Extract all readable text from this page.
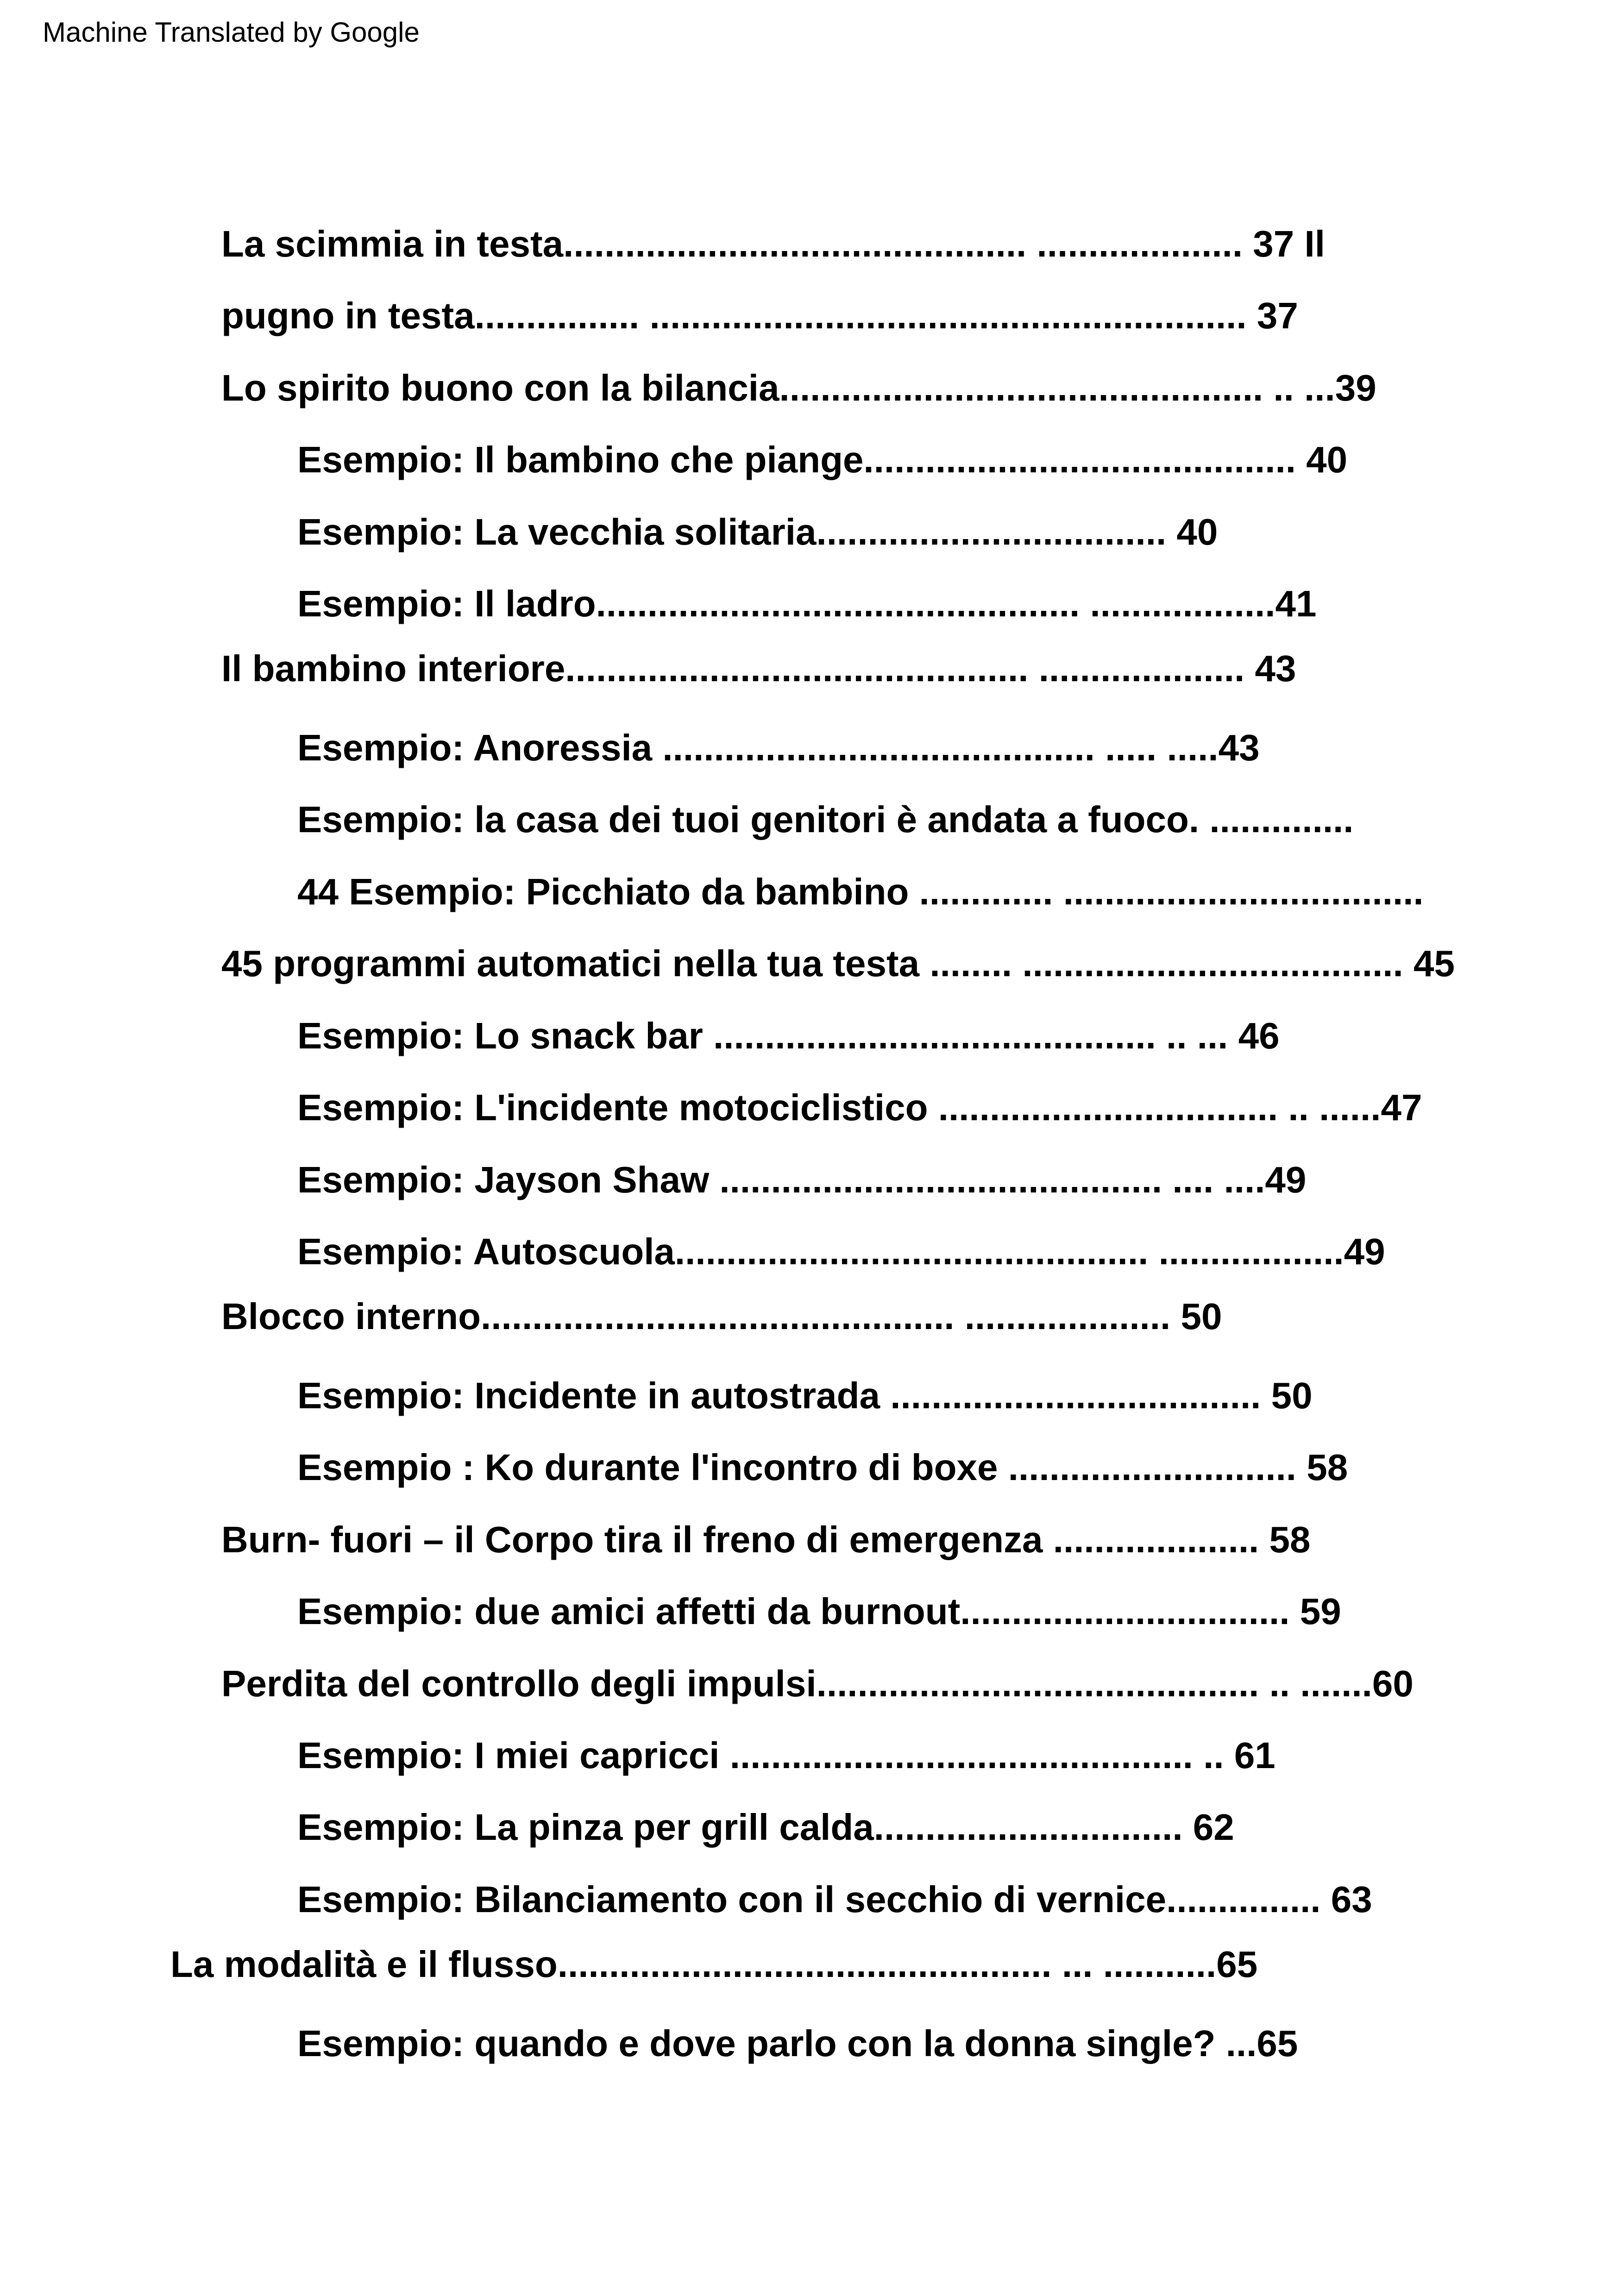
Machine Translated by Google
La scimmia in testa............................................. .................... 37 Il
pugno in testa................ .......................................................... 37
Lo spirito buono con la bilancia............................................... .. ...39
Esempio: Il bambino che piange.......................................... 40
Esempio: La vecchia solitaria.................................. 40
Esempio: Il ladro............................................... ..................41
Il bambino interiore............................................. .................... 43
Esempio: Anoressia .......................................... ..... .....43
Esempio: la casa dei tuoi genitori è andata a fuoco. ..............
44 Esempio: Picchiato da bambino ............. ...................................
45 programmi automatici nella tua testa ........ ..................................... 45
Esempio: Lo snack bar ........................................... .. ... 46
Esempio: L'incidente motociclistico ................................. .. ......47
Esempio: Jayson Shaw ........................................... .... ....49
Esempio: Autoscuola.............................................. ..................49
Blocco interno.............................................. .................... 50
Esempio: Incidente in autostrada .................................... 50
Esempio : Ko durante l'incontro di boxe ............................ 58
Burn- fuori – il Corpo tira il freno di emergenza .................... 58
Esempio: due amici affetti da burnout................................ 59
Perdita del controllo degli impulsi........................................... .. .......60
Esempio: I miei capricci ............................................. .. 61
Esempio: La pinza per grill calda.............................. 62
Esempio: Bilanciamento con il secchio di vernice............... 63
La modalità e il flusso................................................ ... ...........65
Esempio: quando e dove parlo con la donna single? ...65
